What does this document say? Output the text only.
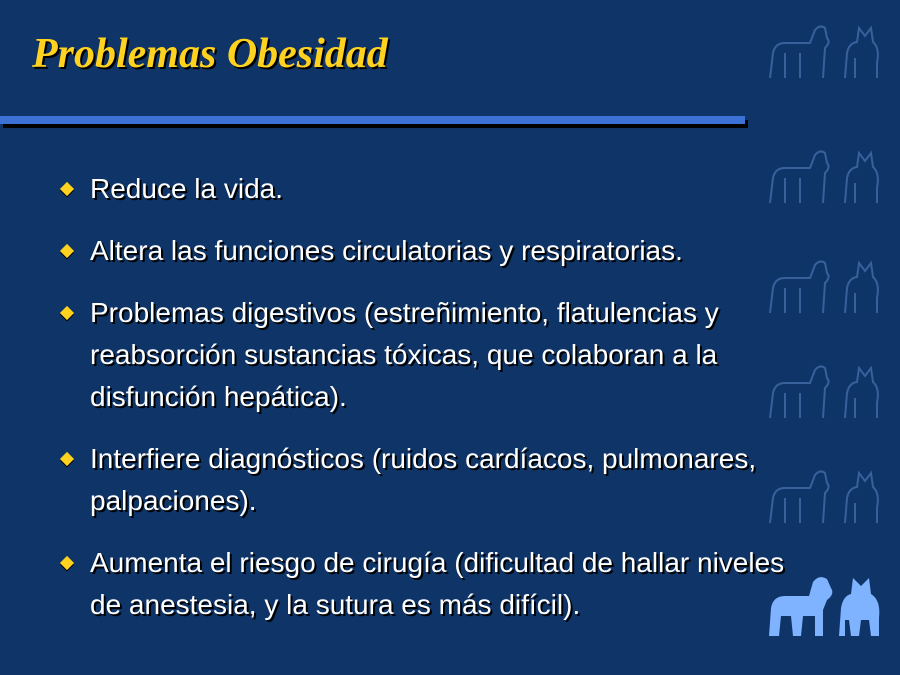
Problemas Obesidad
Reduce la vida.
Altera las funciones circulatorias y respiratorias.
Problemas digestivos (estreñimiento, flatulencias y reabsorción sustancias tóxicas, que colaboran a la disfunción hepática).
Interfiere diagnósticos (ruidos cardíacos, pulmonares, palpaciones).
Aumenta el riesgo de cirugía (dificultad de hallar niveles de anestesia, y la sutura es más difícil).
